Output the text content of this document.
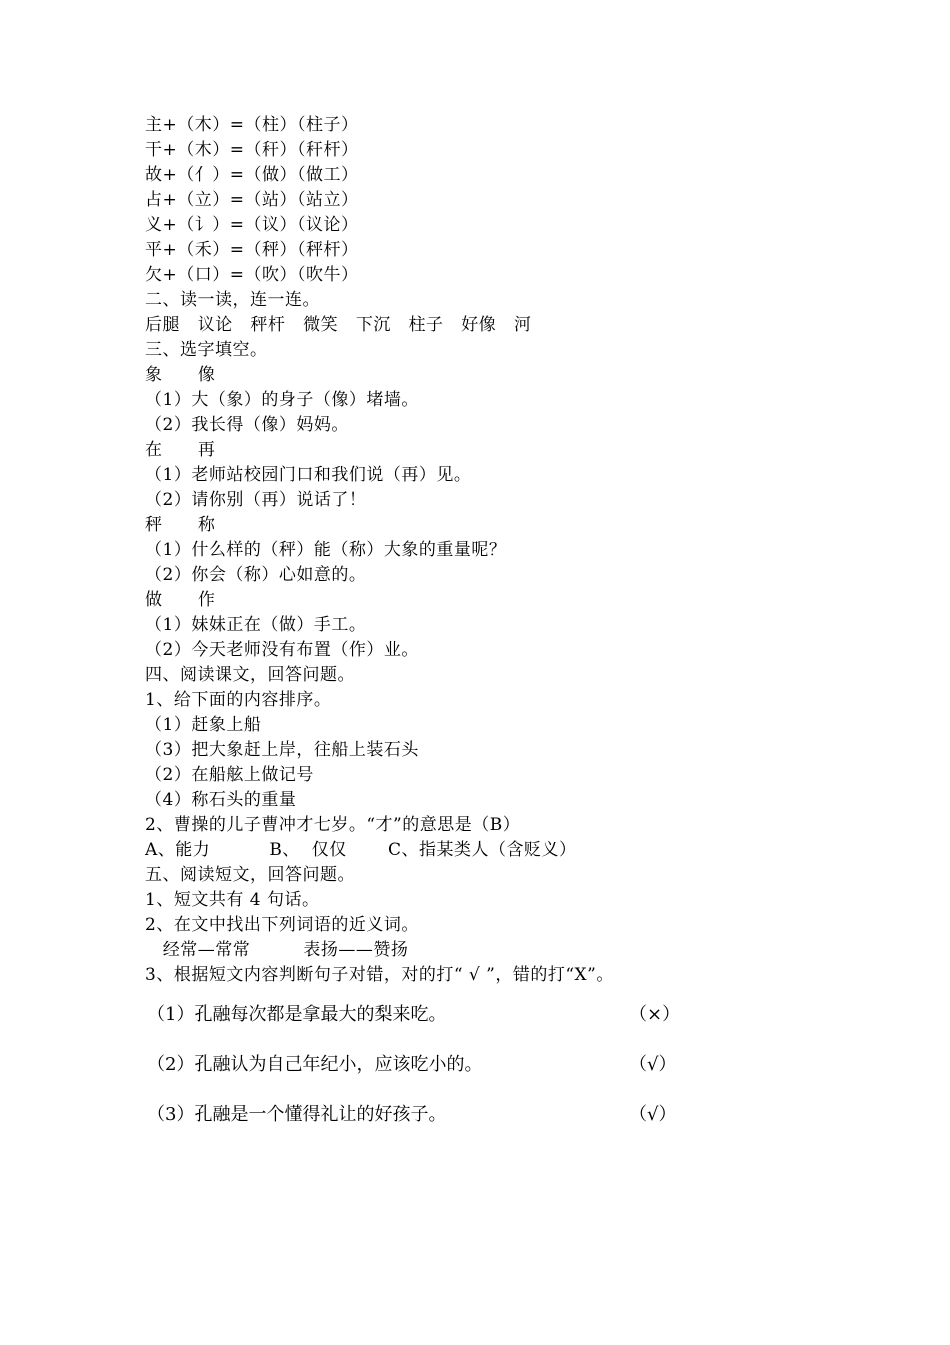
主+（木）=（柱）（柱子）
干+（木）=（秆）（秆杆）
故+（亻）=（做）（做工）
占+（立）=（站）（站立）
义+（讠）=（议）（议论）
平+（禾）=（秤）（秤杆）
欠+（口）=（吹）（吹牛）
二、读一读，连一连。
后腿   议论   秤杆   微笑   下沉   柱子   好像   河
三、选字填空。
象      像
（1）大（象）的身子（像）堵墙。
（2）我长得（像）妈妈。
在      再
（1）老师站校园门口和我们说（再）见。
（2）请你别（再）说话了！
秤      称
（1）什么样的（秤）能（称）大象的重量呢？
（2）你会（称）心如意的。
做      作
（1）妹妹正在（做）手工。
（2）今天老师没有布置（作）业。
四、阅读课文，回答问题。
1、给下面的内容排序。
（1）赶象上船
（3）把大象赶上岸，往船上装石头
（2）在船舷上做记号
（4）称石头的重量
2、曹操的儿子曹冲才七岁。“才”的意思是（B）
A、能力          B、  仅仅       C、指某类人（含贬义）
五、阅读短文，回答问题。
1、短文共有 4 句话。
2、在文中找出下列词语的近义词。
经常—常常         表扬——赞扬
3、根据短文内容判断句子对错，对的打“ √ ”，错的打“X”。
（1）孔融每次都是拿最大的梨来吃。	（×）
（2）孔融认为自己年纪小，应该吃小的。	（√）
（3）孔融是一个懂得礼让的好孩子。	（√）
